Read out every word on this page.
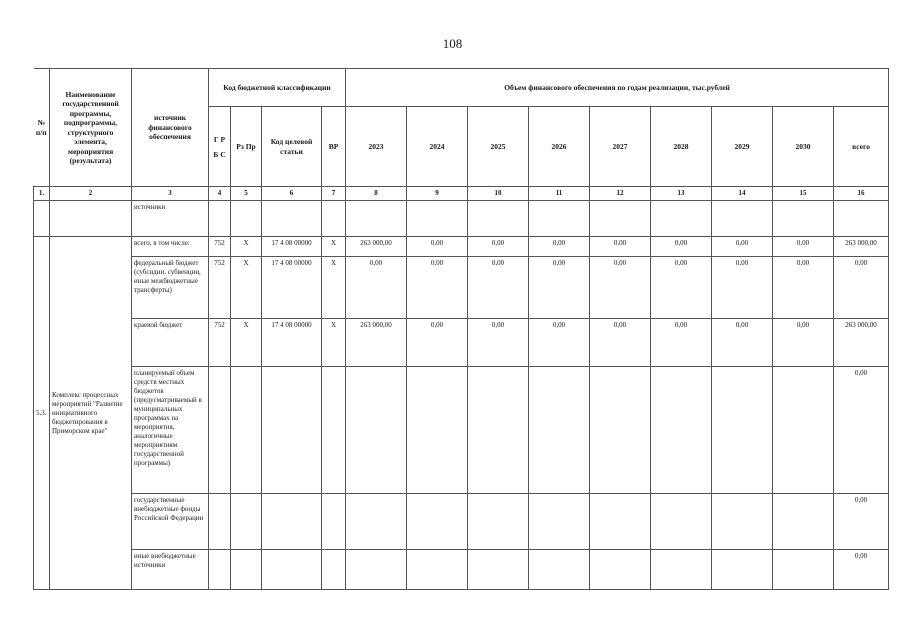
108
№ п/п	Наименование государственной программы, подпрограммы, структурного элемента, мероприятия (результата)	источник финансового обеспечения	Код бюджетной классификации				Объем финансового обеспечения по годам реализации, тыс.рублей								
			Г Р Б С	Рз Пр	Код целевой статьи	ВР	2023	2024	2025	2026	2027	2028	2029	2030	всего
1.	2	3	4	5	6	7	8	9	10	11	12	13	14	15	16
		источники													
5.3.	Комплекс процессных мероприятий "Развитие инициативного бюджетирования в Приморском крае"	всего, в том числе:	752	X	17 4 08 00000	X	263 000,00	0,00	0,00	0,00	0,00	0,00	0,00	0,00	263 000,00
		федеральный бюджет (субсидии, субвенции, иные межбюджетные трансферты)	752	X	17 4 08 00000	X	0,00	0,00	0,00	0,00	0,00	0,00	0,00	0,00	0,00
		краевой бюджет	752	X	17 4 08 00000	X	263 000,00	0,00	0,00	0,00	0,00	0,00	0,00	0,00	263 000,00
		планируемый объем средств местных бюджетов (предусматриваемый в муниципальных программах на мероприятия, аналогичные мероприятиям государственной программы)													0,00
		государственные внебюджетные фонды Российской Федерации													0,00
		иные внебюджетные источники													0,00
